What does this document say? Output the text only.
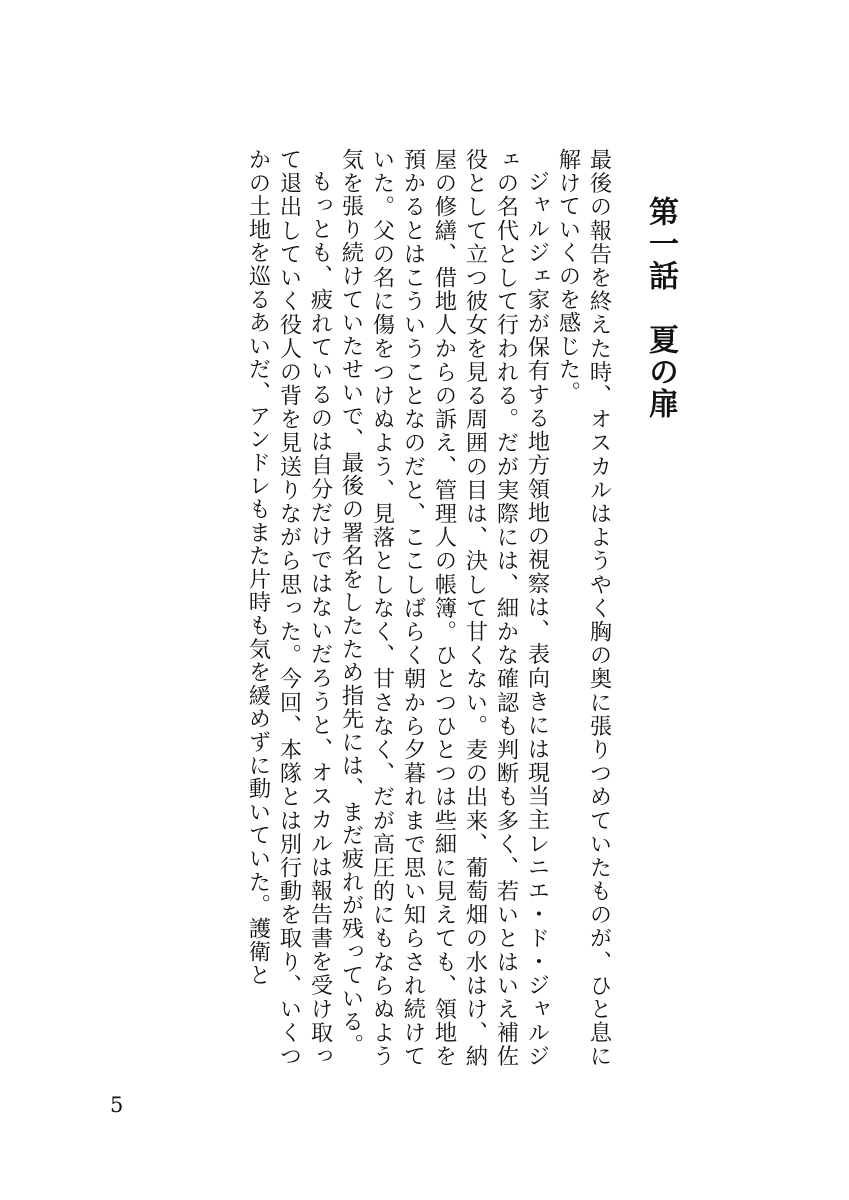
第一話　夏の扉

最後の報告を終えた時、オスカルはようやく胸の奥に張りつめていたものが、ひと息に解けていくのを感じた。

ジャルジェ家が保有する地方領地の視察は、表向きには現当主レニエ・ド・ジャルジェの名代として行われる。だが実際には、細かな確認も判断も多く、若いとはいえ補佐役として立つ彼女を見る周囲の目は、決して甘くない。麦の出来、葡萄畑の水はけ、納屋の修繕、借地人からの訴え、管理人の帳簿。ひとつひとつは些細に見えても、領地を預かるとはこういうことなのだと、ここしばらく朝から夕暮れまで思い知らされ続けていた。父の名に傷をつけぬよう、見落としなく、甘さなく、だが高圧的にもならぬよう気を張り続けていたせいで、最後の署名をしたため指先には、まだ疲れが残っている。

もっとも、疲れているのは自分だけではないだろうと、オスカルは報告書を受け取って退出していく役人の背を見送りながら思った。今回、本隊とは別行動を取り、いくつかの土地を巡るあいだ、アンドレもまた片時も気を緩めずに動いていた。護衛と

5
